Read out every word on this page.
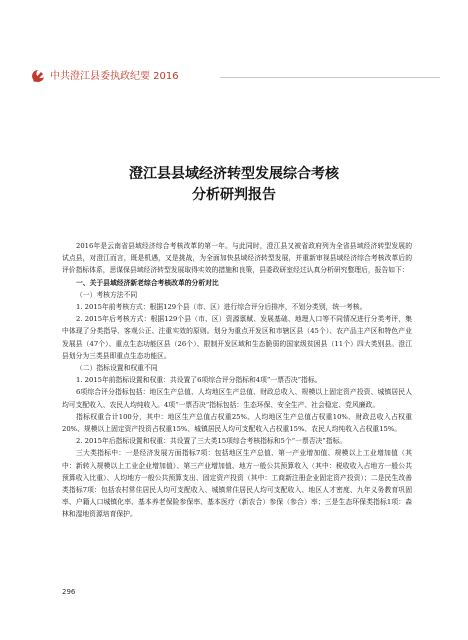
中共澄江县委执政纪要 2016
澄江县县域经济转型发展综合考核
分析研判报告

2016年是云南省县域经济综合考核改革的第一年。与此同时，澄江县又被省政府列为全省县域经济转型发展的试点县，对澄江而言，既是机遇，又是挑战，为全面加快县域经济转型发展，并重新审视县域经济综合考核改革后的评价指标体系，思谋保县域经济转型发展取得实效的措施和良策，县委政研室经过认真分析研究整理后，报告如下：

一、关于县域经济新老综合考核改革的分析对比

（一）考核方法不同

1. 2015年前考核方式：根据129个县（市、区）进行综合评分后排序，不划分类别，统一考核。

2. 2015年后考核方式：根据129个县（市、区）资源禀赋、发展基础、地理人口等不同情况进行分类考评，集中体现了分类指导、客观公正、注重实效的原则。划分为重点开发区和市辖区县（45个）、农产品主产区和特色产业发展县（47个）、重点生态功能区县（26个）、限制开发区域和生态脆弱的国家级贫困县（11个）四大类别县。澄江县划分为三类县即重点生态功能区。

（二）指标设置和权重不同

1. 2015年前指标设置和权重：共设置了6项综合评分指标和4项“一票否决”指标。

6项综合评分指标包括：地区生产总值、人均地区生产总值、财政总收入、规模以上固定资产投资、城镇居民人均可支配收入、农民人均纯收入。4项“一票否决”指标包括：生态环保、安全生产、社会稳定、党风廉政。

指标权重合计100分，其中：地区生产总值占权重25%、人均地区生产总值占权重10%、财政总收入占权重20%、规模以上固定资产投资占权重15%、城镇居民人均可支配收入占权重15%、农民人均纯收入占权重15%。

2. 2015年后指标设置和权重：共设置了三大类15项综合考核指标和5个“一票否决”指标。

三大类指标中：一是经济发展方面指标7项：包括地区生产总值、第一产业增加值、规模以上工业增加值（其中：新转入规模以上工业企业增加值）、第三产业增加值、地方一般公共预算收入（其中：税收收入占地方一般公共预算收入比重）、人均地方一般公共预算支出、固定资产投资（其中：工商新注册企业固定资产投资）；二是民生改善类指标7项：包括农村常住居民人均可支配收入、城镇常住居民人均可支配收入、地区人才密度、九年义务教育巩固率、户籍人口城镇化率、基本养老保险参保率、基本医疗（新农合）参保（参合）率；三是生态环保类指标1项：森林和湿地资源培育保护。

296
